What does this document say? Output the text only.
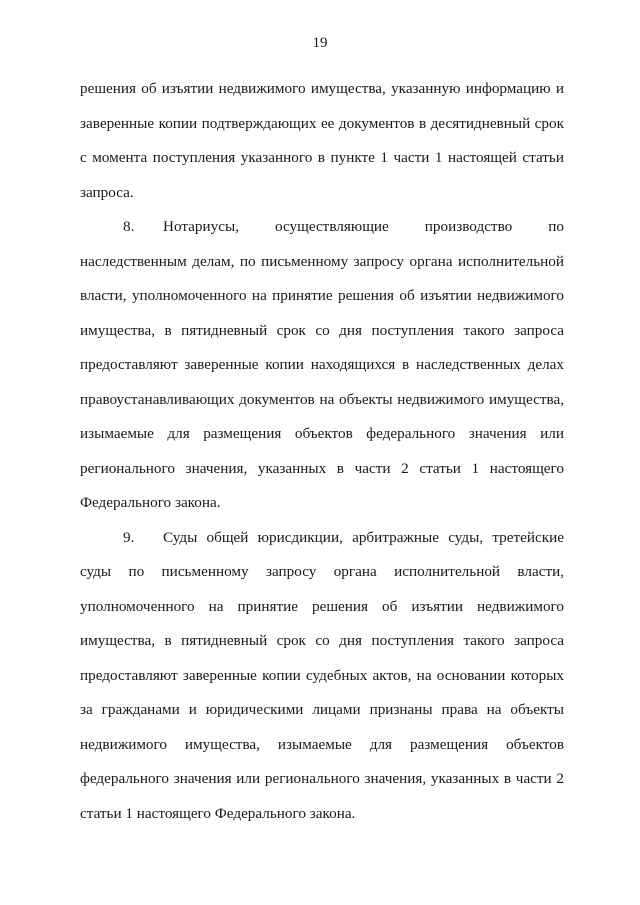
19

решения об изъятии недвижимого имущества, указанную информацию и заверенные копии подтверждающих ее документов в десятидневный срок с момента поступления указанного в пункте 1 части 1 настоящей статьи запроса.

8. Нотариусы, осуществляющие производство по наследственным делам, по письменному запросу органа исполнительной власти, уполномоченного на принятие решения об изъятии недвижимого имущества, в пятидневный срок со дня поступления такого запроса предоставляют заверенные копии находящихся в наследственных делах правоустанавливающих документов на объекты недвижимого имущества, изымаемые для размещения объектов федерального значения или регионального значения, указанных в части 2 статьи 1 настоящего Федерального закона.

9. Суды общей юрисдикции, арбитражные суды, третейские суды по письменному запросу органа исполнительной власти, уполномоченного на принятие решения об изъятии недвижимого имущества, в пятидневный срок со дня поступления такого запроса предоставляют заверенные копии судебных актов, на основании которых за гражданами и юридическими лицами признаны права на объекты недвижимого имущества, изымаемые для размещения объектов федерального значения или регионального значения, указанных в части 2 статьи 1 настоящего Федерального закона.
